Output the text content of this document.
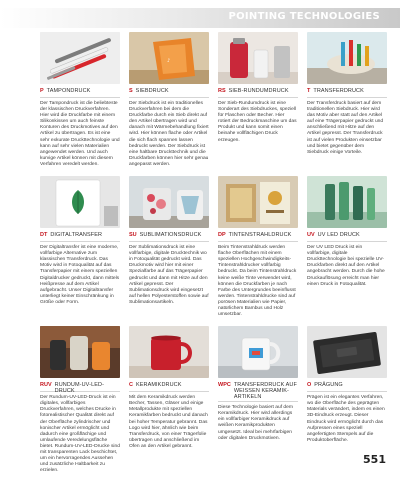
POINTING TECHNOLOGIES
P TAMPONDRUCK
Der Tampondruck ist die beliebteste der klassischen Druckverfahren. Hier wird die Druckfarbe mit einem Silikonkissen um auch feinste Konturen des Druckmotives auf den Artikel zu übertragen. Es ist eine sehr exkurate Druckttechnologie und kann auf sehr vielen Materialien angewendet werden. Und auch kurvige Artikel können mit diesem Verfahren veredelt werden.
♪
S SIEBDRUCK
Der Siebdruck ist ein traditionelles Druckverfahren bei dem die Druckfarbe durch ein Sieb direkt auf den Artikel übertragen wird und danach mit Wärmebehandlung fixiert wird. Hier können flache oder Artikel die sich flach spannen lassen bedruckt werden. Der Siebdruck ist eine haltbare Druckttechnik und die Druckfarben können hier sehr genau angepasst werden.
RS SIEB-RUNDUMDRUCK
Der Sieb-Rundumdruck ist eine Sonderart des Siebdruckes, speziell für Flaschen oder Becher. Hier rotiert der Bedruckmaschine um das Produkt und kann somit einen beinahe vollflächigen Druck erzeugen.
T TRANSFERDRUCK
Der Transferdruck basiert auf dem traditionellen Siebdruck. Hier wird das Motiv aber statt auf den Artikel auf eine Trägerpapier gedruckt und anschließend mit Hitze auf den Artikel gepresst. Der Transferdruck ist auf vielen Produkten einsetzbar und bietet gegenüber dem Siebdruck einige Vorteile.
DT DIGITALTRANSFER
Der Digitaltransfer ist eine moderne, vollfarbige Alternative zum klassischen Transferdruck. Das Motiv wird in Fotoqualität auf das Transferpapier mit einem speziellen Digitaldrucker gedruckt, dann mittels Heißpresse auf dem Artikel aufgebracht. Unser Digitaltransfer unterliegt keiner Einschränkung in Größe oder Form.
SU SUBLIMATIONSDRUCK
Der Sublimationsdruck ist eine vollfarbige, digitale Drucktechnik wo in Fotoqualität gedruckt wird. Das Druckmotiv wird hier mit einer Spezialfarbe auf das Trägerpapier gedruckt und dann mit Hitze auf den Artikel gepresst. Der Sublimationsdruck wird eingesetzt auf hellen Polyesterstoffen sowie auf Sublimationsartikeln.
DP TINTENSTRAHLDRUCK
Beim Tintenstrahldruck werden flache Oberflächen mit einem speziellen Hochgeschwindigkeits-Tintenstrahldrucker vollfarbig bedruckt. Da beim Tintenstrahldruck keine weiße Tinte verwendet wird, können die Druckfarben je nach Farbe des Untergrundes beeinflusst werden. Tintenstrahldrucke sind auf porösen Materialien wie Papier, natürlichem Bambus und Holz umsetzbar.
UV UV LED DRUCK
Der UV LED Druck ist ein vollfarbige, digitale Druckttechnologie bei spezielle UV-Druckfarben direkt auf den Artikel angebracht werden. Durch die hohe Druckauflösung erreicht man hier einen Druck in Fotoqualität.
RUV RUNDUM-UV-LED-DRUCK
Der Rundum-UV-LED-Druck ist ein digitales, vollfarbiges Druckverfahren, welches Drucke in fotorealistischer Qualität direkt auf der Oberfläche zylindrischer und konischer Artikel ermöglicht und dadurch eine großflächige und umlaufende Veredelungsfläche bietet. Rundum-UV-LED-Drucke sind mit transparenten Lack beschichtet, um ein hervorragendes Aussehen und zusätzliche Haltbarkeit zu erzielen.
C KERAMIKDRUCK
Mit dem Keramikdruck werden Becher, Tassen, Gläser und einige Metallprodukte mit speziellen Keramikfarben bedruckt und danach bei hoher Temperatur gebrannt. Das Logo wird hier, ähnlich wie beim Transferdruck, von einer Trägerfolie übertragen und anschließend im Ofen an den Artikel gebrannt.
WPC TRANSFERDRUCK AUF WEISSEN KERAMIK-ARTIKELN
Diese Technologie basiert auf dem Keramikdruck. Hier wird allerdings ein vollfarbiger Keramikdruck auf weißen Keramikprodukten umgesetzt. Ideal bei mehrfarbigen oder digitalen Druckmotiven.
O PRÄGUNG
Prägen ist ein elegantes Verfahren, wo die Oberfläche des geprägten Materials verändert, indem es einen 3D-Eindruck erzeugt. Dieser Eindruck wird ermöglicht durch das Aufpressen eines speziell angefertigten Stempels auf die Produktoberfläche.
551
